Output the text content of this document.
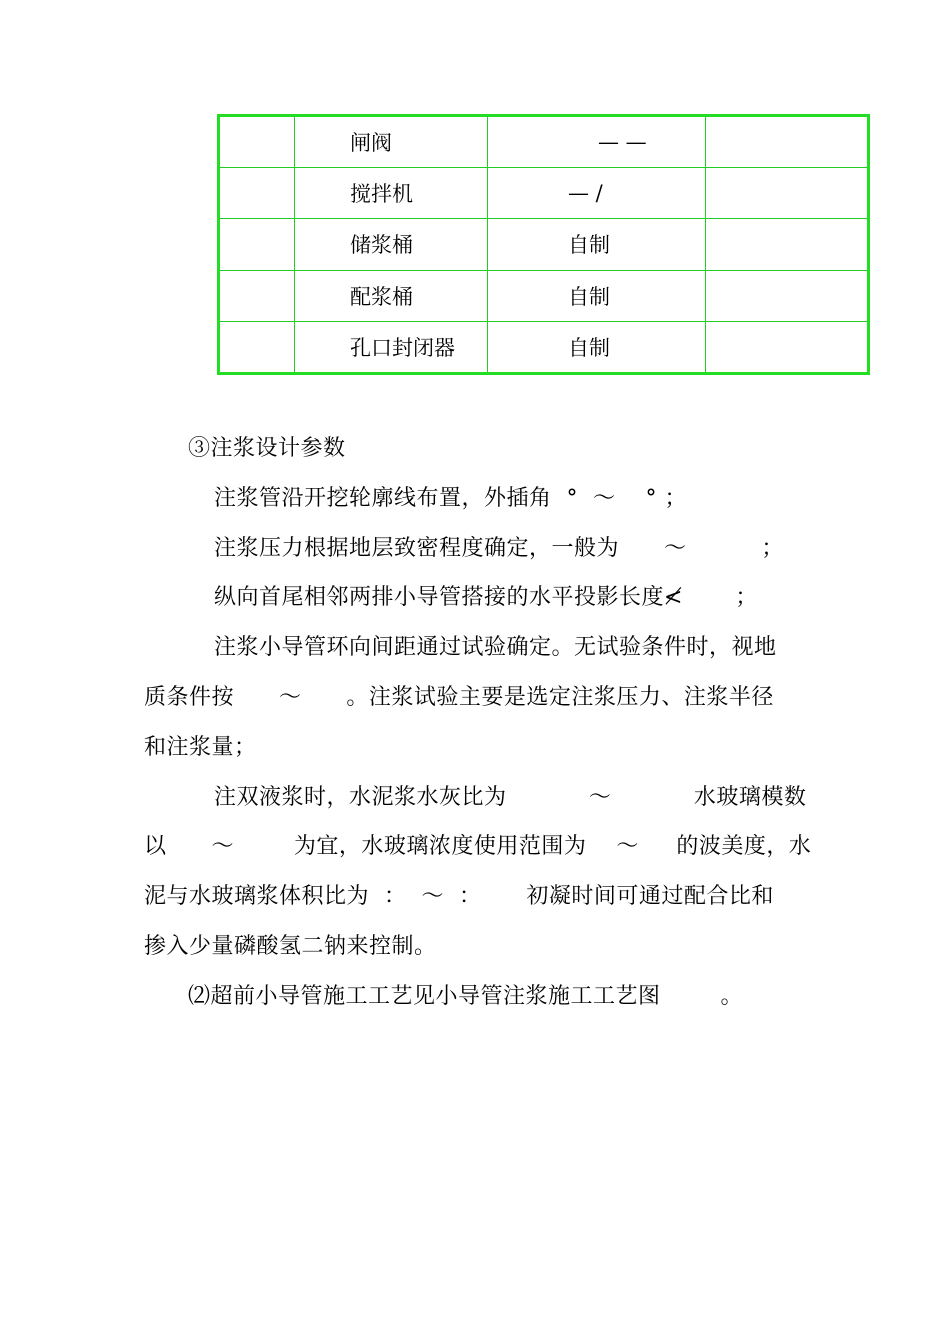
	闸阀	— —	
	搅拌机	— /	
	储浆桶	自制	
	配浆桶	自制	
	孔口封闭器	自制	
③注浆设计参数
注浆管沿开挖轮廓线布置，外插角  °  ～    ° ；
注浆压力根据地层致密程度确定，一般为      ～          ；
纵向首尾相邻两排小导管搭接的水平投影长度≮       ；
注浆小导管环向间距通过试验确定。无试验条件时，视地
质条件按      ～      。注浆试验主要是选定注浆压力、注浆半径
和注浆量；
注双液浆时，水泥浆水灰比为           ～           水玻璃模数
以      ～        为宜，水玻璃浓度使用范围为    ～     的波美度，水
泥与水玻璃浆体积比为  ：  ～  ：      初凝时间可通过配合比和
掺入少量磷酸氢二钠来控制。
⑵超前小导管施工工艺见小导管注浆施工工艺图        。
